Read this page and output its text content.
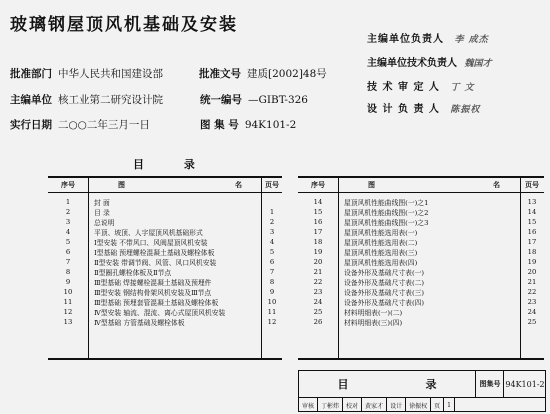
玻璃钢屋顶风机基础及安装
批准部门 中华人民共和国建设部	批准文号 建质[2002]48号
主编单位 核工业第二研究设计院	统一编号 —GIBT-326
实行日期 二○○二年三月一日	图 集 号 94K101-2
主编单位负责人 李 成杰
主编单位技术负责人 魏国才
技 术 审 定 人 丁 文
设 计 负 责 人 陈振权
目 录
序号	图	名	页号
1	封 面
2	目 录	1
3	总说明	2
4	平顶、坡顶、人字屋顶风机基础形式	3
5	Ⅰ型安装 不带风口、风阀屋顶风机安装	4
6	Ⅰ型基础 预埋螺栓混凝土基础及螺栓体板	5
7	Ⅱ型安装 带调节阀、风管、风口风机安装	6
8	Ⅱ型圈孔螺栓体板及Ⅱ节点	7
9	Ⅲ型基础 焊接螺栓混凝土基础及预埋件	8
10	Ⅲ型安装 钢结构骨架风机安装及Ⅲ节点	9
11	Ⅲ型基础 预埋套管混凝土基础及螺栓体板	10
12	Ⅳ型安装 轴流、混流、离心式屋顶风机安装	11
13	Ⅳ型基础 方管基础及螺栓体板	12
序号	图	名	页号
14	屋顶风机性能曲线图(一)之1	13
15	屋顶风机性能曲线图(一)之2	14
16	屋顶风机性能曲线图(一)之3	15
17	屋顶风机性能选用表(一)	16
18	屋顶风机性能选用表(二)	17
19	屋顶风机性能选用表(三)	18
20	屋顶风机性能选用表(四)	19
21	设备外形及基础尺寸表(一)	20
22	设备外形及基础尺寸表(二)	21
23	设备外形及基础尺寸表(三)	22
24	设备外形及基础尺寸表(四)	23
25	材料明细表(一)(二)	24
26	材料明细表(三)(四)	25
目	录	图集号 94K101-2
审核	丁彬炜	校对	黄家才	设计	徐振权	页	1
